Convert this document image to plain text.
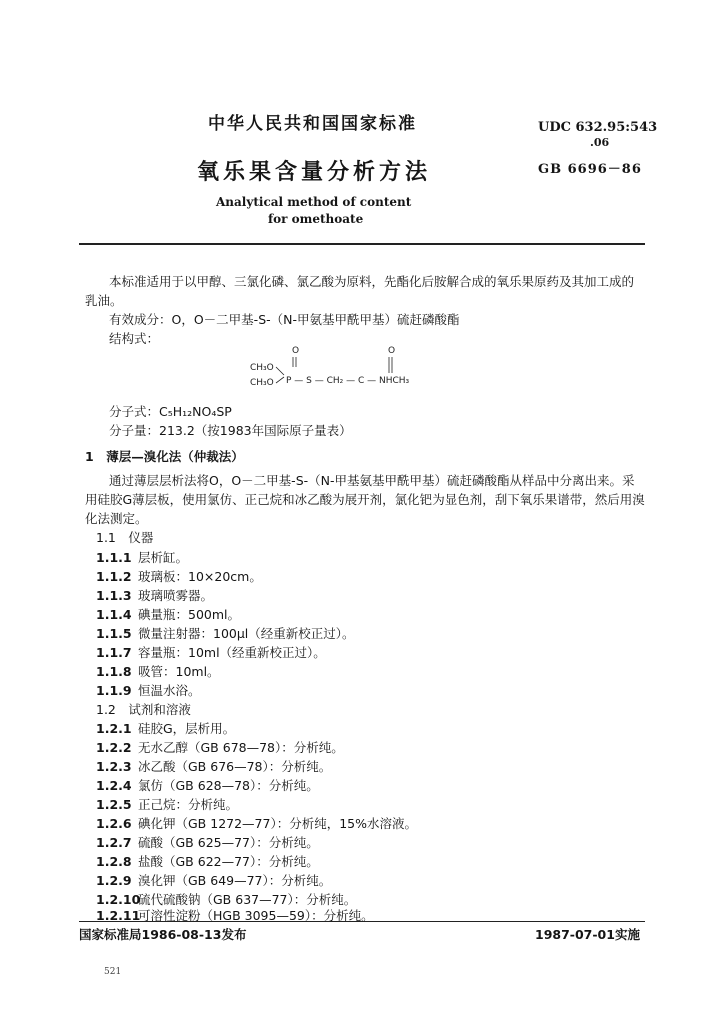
中华人民共和国国家标准	UDC 632.95:543
.06
氧乐果含量分析方法	GB 6696－86
Analytical method of content
for omethoate
本标准适用于以甲醇、三氯化磷、氯乙酸为原料，先酯化后胺解合成的氧乐果原药及其加工成的乳油。
有效成分：O，O－二甲基-S-（N-甲氨基甲酰甲基）硫赶磷酸酯
结构式：
O	O
CH₃O
CH₃O P — S — CH₂ — C — NHCH₃
分子式：C₅H₁₂NO₄SP
分子量：213.2（按1983年国际原子量表）
1　薄层—溴化法（仲裁法）
通过薄层层析法将O，O－二甲基-S-（N-甲基氨基甲酰甲基）硫赶磷酸酯从样品中分离出来。采用硅胶G薄层板，使用氯仿、正己烷和冰乙酸为展开剂，氯化钯为显色剂，刮下氧乐果谱带，然后用溴化法测定。
1.1　仪器
1.1.1 层析缸。
1.1.2 玻璃板：10×20cm。
1.1.3 玻璃喷雾器。
1.1.4 碘量瓶：500ml。
1.1.5 微量注射器：100μl（经重新校正过）。
1.1.7 容量瓶：10ml（经重新校正过）。
1.1.8 吸管：10ml。
1.1.9 恒温水浴。
1.2　试剂和溶液
1.2.1 硅胶G，层析用。
1.2.2 无水乙醇（GB 678—78）：分析纯。
1.2.3 冰乙酸（GB 676—78）：分析纯。
1.2.4 氯仿（GB 628—78）：分析纯。
1.2.5 正己烷：分析纯。
1.2.6 碘化钾（GB 1272—77）：分析纯，15%水溶液。
1.2.7 硫酸（GB 625—77）：分析纯。
1.2.8 盐酸（GB 622—77）：分析纯。
1.2.9 溴化钾（GB 649—77）：分析纯。
1.2.10硫代硫酸钠（GB 637—77）：分析纯。
1.2.11可溶性淀粉（HGB 3095—59）：分析纯。
国家标准局1986-08-13发布	1987-07-01实施
521
